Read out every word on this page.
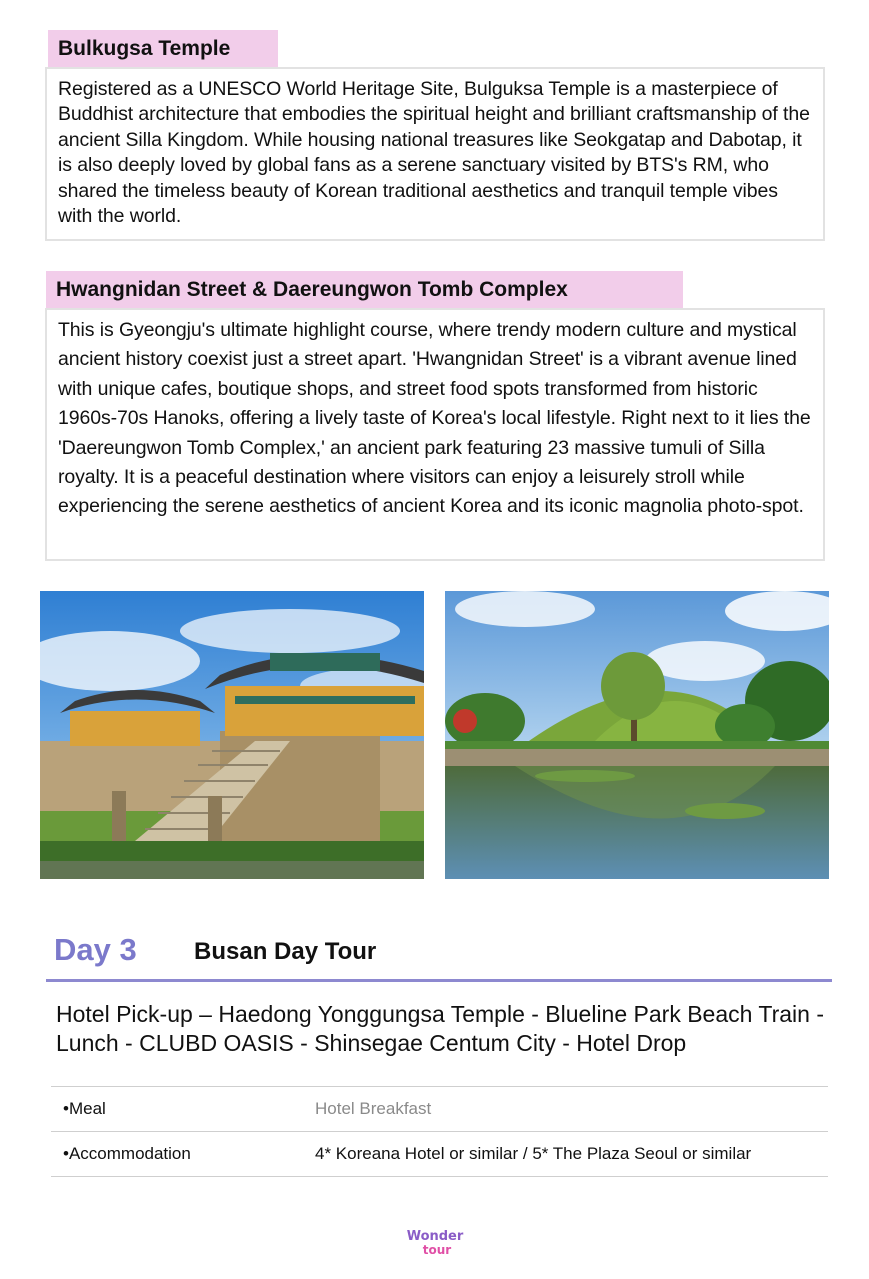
Bulkugsa Temple

Registered as a UNESCO World Heritage Site, Bulguksa Temple is a masterpiece of Buddhist architecture that embodies the spiritual height and brilliant craftsmanship of the ancient Silla Kingdom. While housing national treasures like Seokgatap and Dabotap, it is also deeply loved by global fans as a serene sanctuary visited by BTS's RM, who shared the timeless beauty of Korean traditional aesthetics and tranquil temple vibes with the world.

Hwangnidan Street & Daereungwon Tomb Complex

This is Gyeongju's ultimate highlight course, where trendy modern culture and mystical ancient history coexist just a street apart. 'Hwangnidan Street' is a vibrant avenue lined with unique cafes, boutique shops, and street food spots transformed from historic 1960s-70s Hanoks, offering a lively taste of Korea's local lifestyle. Right next to it lies the 'Daereungwon Tomb Complex,' an ancient park featuring 23 massive tumuli of Silla royalty. It is a peaceful destination where visitors can enjoy a leisurely stroll while experiencing the serene aesthetics of ancient Korea and its iconic magnolia photo-spot.

Day 3 Busan Day Tour

Hotel Pick-up – Haedong Yonggungsa Temple - Blueline Park Beach Train - Lunch - CLUBD OASIS - Shinsegae Centum City - Hotel Drop

•Meal	Hotel Breakfast
•Accommodation	4* Koreana Hotel or similar / 5* The Plaza Seoul or similar
Wonder
tour
